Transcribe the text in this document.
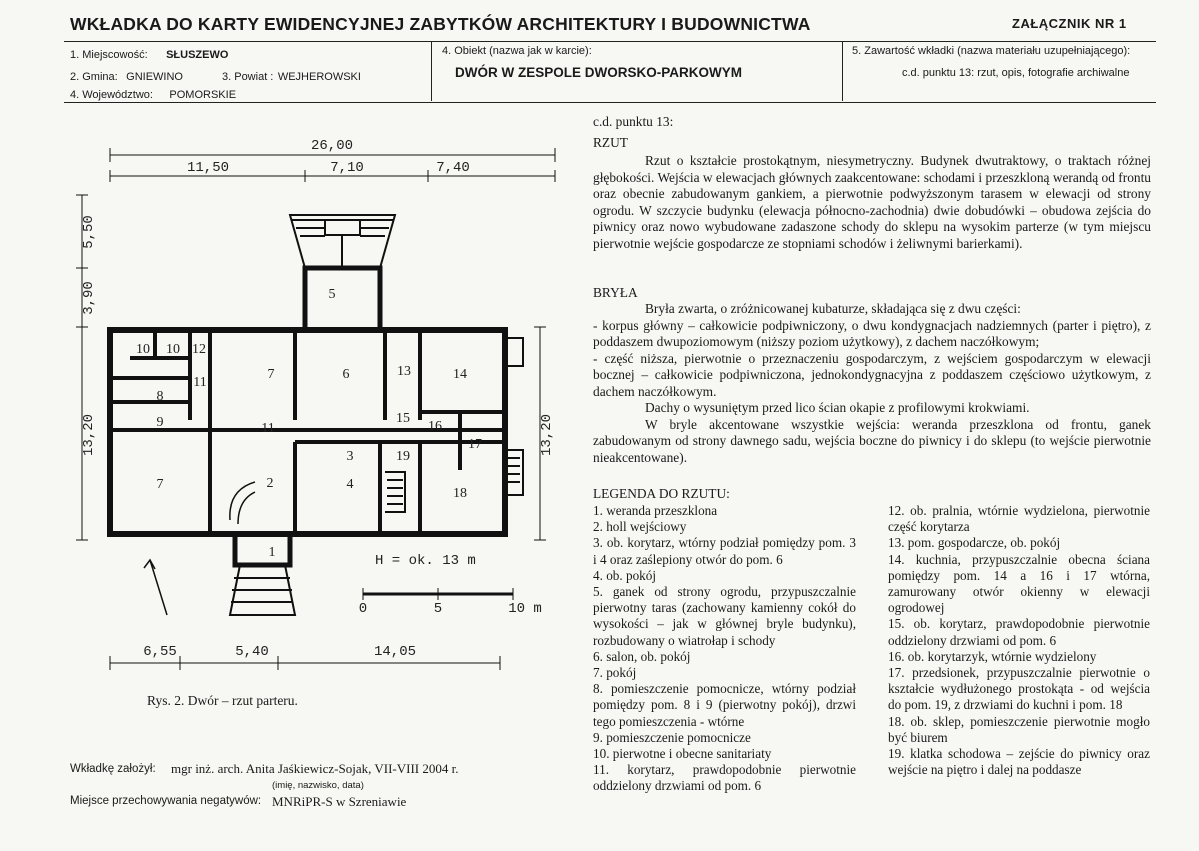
WKŁADKA DO KARTY EWIDENCYJNEJ ZABYTKÓW ARCHITEKTURY I BUDOWNICTWA	ZAŁĄCZNIK NR 1
1. Miejscowość: SŁUSZEWO
2. Gmina: GNIEWINO	3. Powiat : WEJHEROWSKI
4. Województwo: POMORSKIE
4. Obiekt (nazwa jak w karcie):
DWÓR W ZESPOLE DWORSKO-PARKOWYM
5. Zawartość wkładki (nazwa materiału uzupełniającego):
c.d. punktu 13: rzut, opis, fotografie archiwalne
c.d. punktu 13:
RZUT

Rzut o kształcie prostokątnym, niesymetryczny. Budynek dwutraktowy, o traktach różnej głębokości. Wejścia w elewacjach głównych zaakcentowane: schodami i przeszkloną werandą od frontu oraz obecnie zabudowanym gankiem, a pierwotnie podwyższonym tarasem w elewacji od strony ogrodu. W szczycie budynku (elewacja północno-zachodnia) dwie dobudówki – obudowa zejścia do piwnicy oraz nowo wybudowane zadaszone schody do sklepu na wysokim parterze (w tym miejscu pierwotnie wejście gospodarcze ze stopniami schodów i żeliwnymi barierkami).

BRYŁA

Bryła zwarta, o zróżnicowanej kubaturze, składająca się z dwu części:

- korpus główny – całkowicie podpiwniczony, o dwu kondygnacjach nadziemnych (parter i piętro), z poddaszem dwupoziomowym (niższy poziom użytkowy), z dachem naczółkowym;

- część niższa, pierwotnie o przeznaczeniu gospodarczym, z wejściem gospodarczym w elewacji bocznej – całkowicie podpiwniczona, jednokondygnacyjna z poddaszem częściowo użytkowym, z dachem naczółkowym.

Dachy o wysuniętym przed lico ścian okapie z profilowymi krokwiami.

W bryle akcentowane wszystkie wejścia: weranda przeszklona od frontu, ganek zabudowanym od strony dawnego sadu, wejścia boczne do piwnicy i do sklepu (to wejście pierwotnie nieakcentowane).

LEGENDA DO RZUTU:

1. weranda przeszklona

2. holl wejściowy

3. ob. korytarz, wtórny podział pomiędzy pom. 3 i 4 oraz zaślepiony otwór do pom. 6

4. ob. pokój

5. ganek od strony ogrodu, przypuszczalnie pierwotny taras (zachowany kamienny cokół do wysokości – jak w głównej bryle budynku), rozbudowany o wiatrołap i schody

6. salon, ob. pokój

7. pokój

8. pomieszczenie pomocnicze, wtórny podział pomiędzy pom. 8 i 9 (pierwotny pokój), drzwi tego pomieszczenia - wtórne

9. pomieszczenie pomocnicze

10. pierwotne i obecne sanitariaty

11. korytarz, prawdopodobnie pierwotnie oddzielony drzwiami od pom. 6

12. ob. pralnia, wtórnie wydzielona, pierwotnie część korytarza

13. pom. gospodarcze, ob. pokój

14. kuchnia, przypuszczalnie obecna ściana pomiędzy pom. 14 a 16 i 17 wtórna, zamurowany otwór okienny w elewacji ogrodowej

15. ob. korytarz, prawdopodobnie pierwotnie oddzielony drzwiami od pom. 6

16. ob. korytarzyk, wtórnie wydzielony

17. przedsionek, przypuszczalnie pierwotnie o kształcie wydłużonego prostokąta - od wejścia do pom. 19, z drzwiami do kuchni i pom. 18

18. ob. sklep, pomieszczenie pierwotnie mogło być biurem

19. klatka schodowa – zejście do piwnicy oraz wejście na piętro i dalej na poddasze

26,00
11,50	7,10	7,40
6,55	5,40	14,05
5,50
3,90
13,20	13,20
H = ok. 13 m
0	5	10 m
1
2
3
4
5
6
7
7
8
9
10 10 12
11
11
13	14
15
16
17
18
19
Rys. 2. Dwór – rzut parteru.
Wkładkę założył: mgr inż. arch. Anita Jaśkiewicz-Sojak, VII-VIII 2004 r.
(imię, nazwisko, data)
Miejsce przechowywania negatywów: MNRiPR-S w Szreniawie
